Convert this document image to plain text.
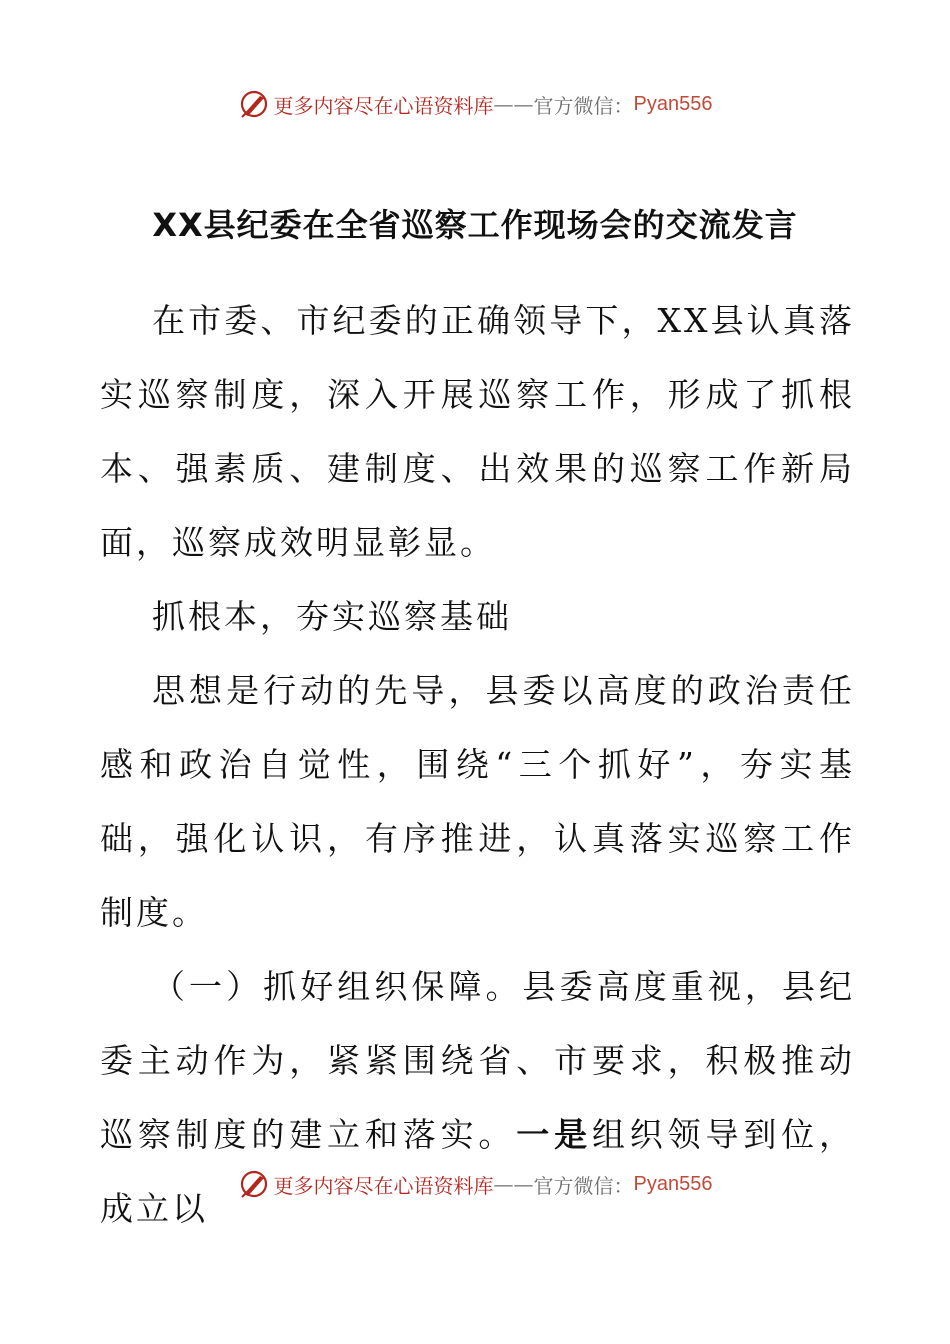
更多内容尽在心语资料库 —— 官方微信： Pyan556
XX县纪委在全省巡察工作现场会的交流发言

在市委、市纪委的正确领导下，XX县认真落实巡察制度，深入开展巡察工作，形成了抓根本、强素质、建制度、出效果的巡察工作新局面，巡察成效明显彰显。

抓根本，夯实巡察基础

思想是行动的先导，县委以高度的政治责任感和政治自觉性，围绕“三个抓好”，夯实基础，强化认识，有序推进，认真落实巡察工作制度。

（一）抓好组织保障。县委高度重视，县纪委主动作为，紧紧围绕省、市要求，积极推动巡察制度的建立和落实。一是组织领导到位，成立以

更多内容尽在心语资料库 —— 官方微信： Pyan556
